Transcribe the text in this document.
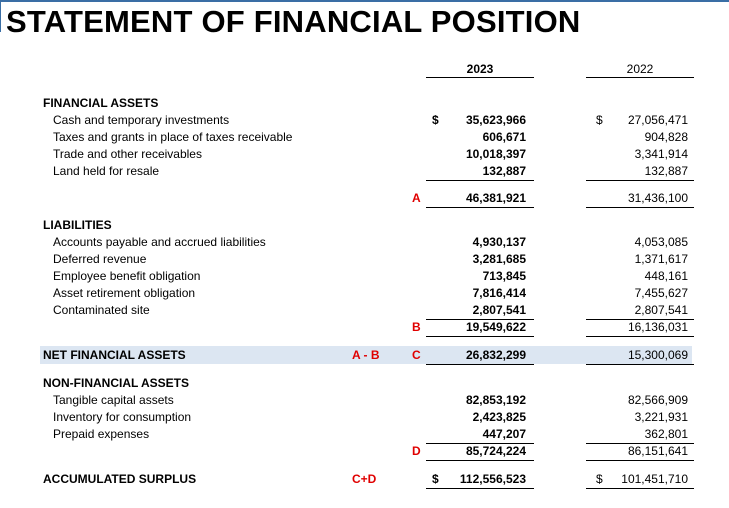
STATEMENT OF FINANCIAL POSITION
2023	2022
FINANCIAL ASSETS
Cash and temporary investments	$	35,623,966	$	27,056,471
Taxes and grants in place of taxes receivable	606,671	904,828
Trade and other receivables	10,018,397	3,341,914
Land held for resale	132,887	132,887
A	46,381,921	31,436,100
LIABILITIES
Accounts payable and accrued liabilities	4,930,137	4,053,085
Deferred revenue	3,281,685	1,371,617
Employee benefit obligation	713,845	448,161
Asset retirement obligation	7,816,414	7,455,627
Contaminated site	2,807,541	2,807,541
B	19,549,622	16,136,031
NET FINANCIAL ASSETS	A - B	C	26,832,299	15,300,069
NON-FINANCIAL ASSETS
Tangible capital assets	82,853,192	82,566,909
Inventory for consumption	2,423,825	3,221,931
Prepaid expenses	447,207	362,801
D	85,724,224	86,151,641
ACCUMULATED SURPLUS	C+D	$	112,556,523	$	101,451,710
